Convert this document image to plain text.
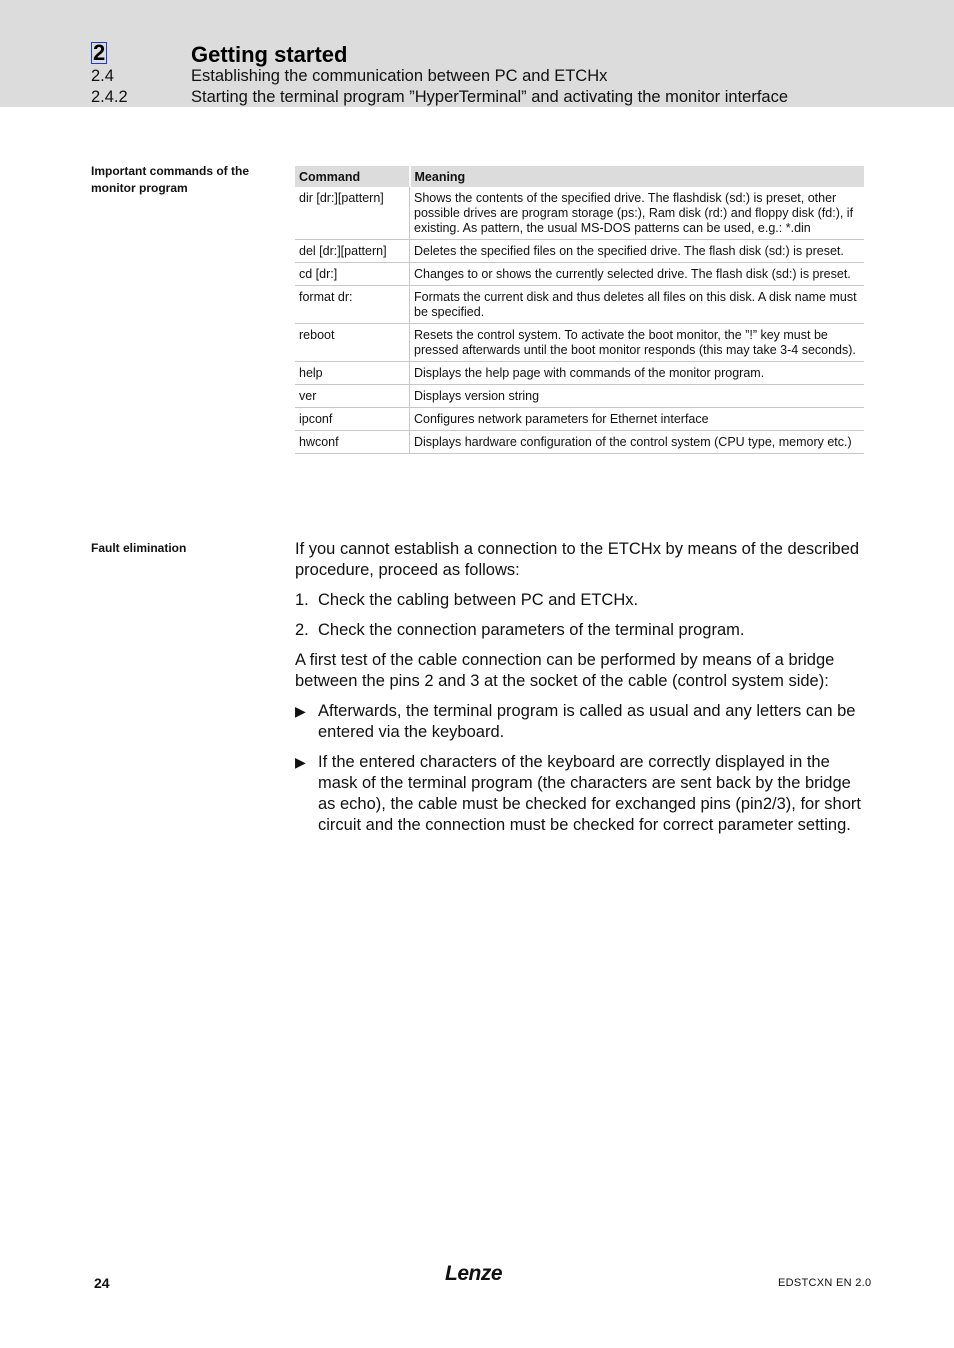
2	Getting started
2.4	Establishing the communication between PC and ETCHx
2.4.2	Starting the terminal program ”HyperTerminal” and activating the monitor interface
Important commands of the monitor program
Command	Meaning
dir [dr:][pattern]	Shows the contents of the specified drive. The flashdisk (sd:) is preset, other possible drives are program storage (ps:), Ram disk (rd:) and floppy disk (fd:), if existing. As pattern, the usual MS-DOS patterns can be used, e.g.: *.din
del [dr:][pattern]	Deletes the specified files on the specified drive. The flash disk (sd:) is preset.
cd [dr:]	Changes to or shows the currently selected drive. The flash disk (sd:) is preset.
format dr:	Formats the current disk and thus deletes all files on this disk. A disk name must be specified.
reboot	Resets the control system. To activate the boot monitor, the ”!” key must be pressed afterwards until the boot monitor responds (this may take 3-4 seconds).
help	Displays the help page with commands of the monitor program.
ver	Displays version string
ipconf	Configures network parameters for Ethernet interface
hwconf	Displays hardware configuration of the control system (CPU type, memory etc.)
Fault elimination	If you cannot establish a connection to the ETCHx by means of the described procedure, proceed as follows:

1. Check the cabling between PC and ETCHx.
2. Check the connection parameters of the terminal program.

A first test of the cable connection can be performed by means of a bridge between the pins 2 and 3 at the socket of the cable (control system side):

▶ Afterwards, the terminal program is called as usual and any letters can be entered via the keyboard.
▶ If the entered characters of the keyboard are correctly displayed in the mask of the terminal program (the characters are sent back by the bridge as echo), the cable must be checked for exchanged pins (pin2/3), for short circuit and the connection must be checked for correct parameter setting.
24	Lenze	EDSTCXN EN 2.0
